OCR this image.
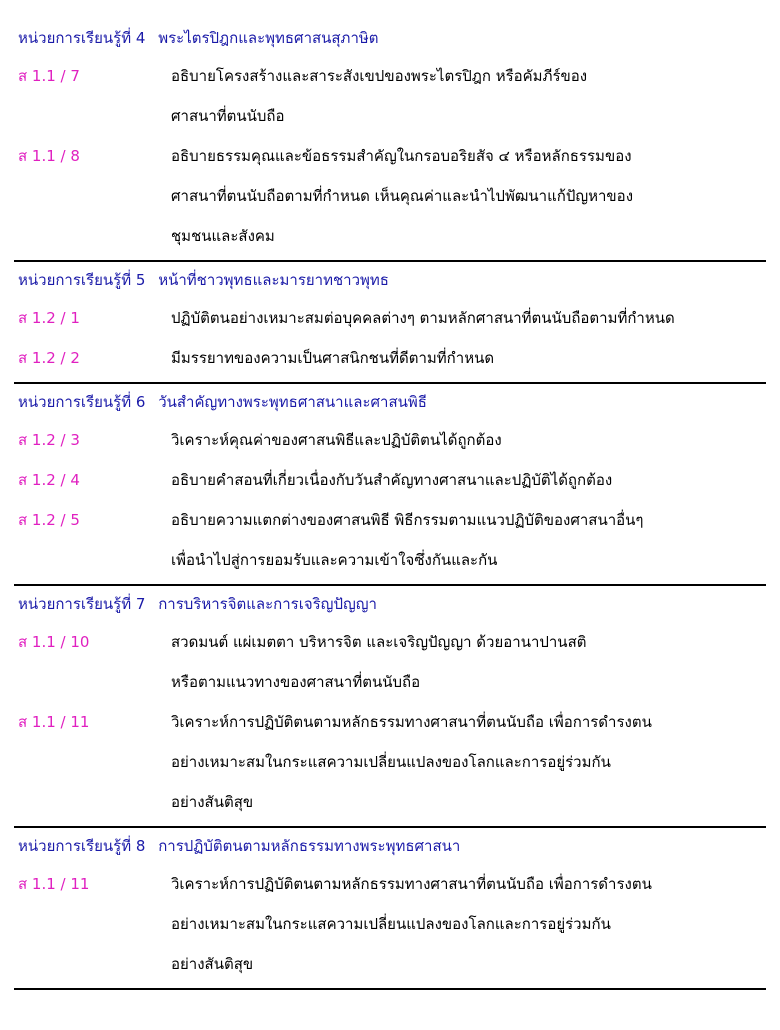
หน่วยการเรียนรู้ที่ 4 พระไตรปิฎกและพุทธศาสนสุภาษิต
ส 1.1 / 7	อธิบายโครงสร้างและสาระสังเขปของพระไตรปิฎก หรือคัมภีร์ของ
ศาสนาที่ตนนับถือ
ส 1.1 / 8	อธิบายธรรมคุณและข้อธรรมสำคัญในกรอบอริยสัจ ๔ หรือหลักธรรมของ
ศาสนาที่ตนนับถือตามที่กำหนด เห็นคุณค่าและนำไปพัฒนาแก้ปัญหาของ
ชุมชนและสังคม
หน่วยการเรียนรู้ที่ 5 หน้าที่ชาวพุทธและมารยาทชาวพุทธ
ส 1.2 / 1	ปฏิบัติตนอย่างเหมาะสมต่อบุคคลต่างๆ ตามหลักศาสนาที่ตนนับถือตามที่กำหนด
ส 1.2 / 2	มีมรรยาทของความเป็นศาสนิกชนที่ดีตามที่กำหนด
หน่วยการเรียนรู้ที่ 6 วันสำคัญทางพระพุทธศาสนาและศาสนพิธี
ส 1.2 / 3	วิเคราะห์คุณค่าของศาสนพิธีและปฏิบัติตนได้ถูกต้อง
ส 1.2 / 4	อธิบายคำสอนที่เกี่ยวเนื่องกับวันสำคัญทางศาสนาและปฏิบัติได้ถูกต้อง
ส 1.2 / 5	อธิบายความแตกต่างของศาสนพิธี พิธีกรรมตามแนวปฏิบัติของศาสนาอื่นๆ
เพื่อนำไปสู่การยอมรับและความเข้าใจซึ่งกันและกัน
หน่วยการเรียนรู้ที่ 7 การบริหารจิตและการเจริญปัญญา
ส 1.1 / 10	สวดมนต์ แผ่เมตตา บริหารจิต และเจริญปัญญา ด้วยอานาปานสติ
หรือตามแนวทางของศาสนาที่ตนนับถือ
ส 1.1 / 11	วิเคราะห์การปฏิบัติตนตามหลักธรรมทางศาสนาที่ตนนับถือ เพื่อการดำรงตน
อย่างเหมาะสมในกระแสความเปลี่ยนแปลงของโลกและการอยู่ร่วมกัน
อย่างสันติสุข
หน่วยการเรียนรู้ที่ 8 การปฏิบัติตนตามหลักธรรมทางพระพุทธศาสนา
ส 1.1 / 11	วิเคราะห์การปฏิบัติตนตามหลักธรรมทางศาสนาที่ตนนับถือ เพื่อการดำรงตน
อย่างเหมาะสมในกระแสความเปลี่ยนแปลงของโลกและการอยู่ร่วมกัน
อย่างสันติสุข
